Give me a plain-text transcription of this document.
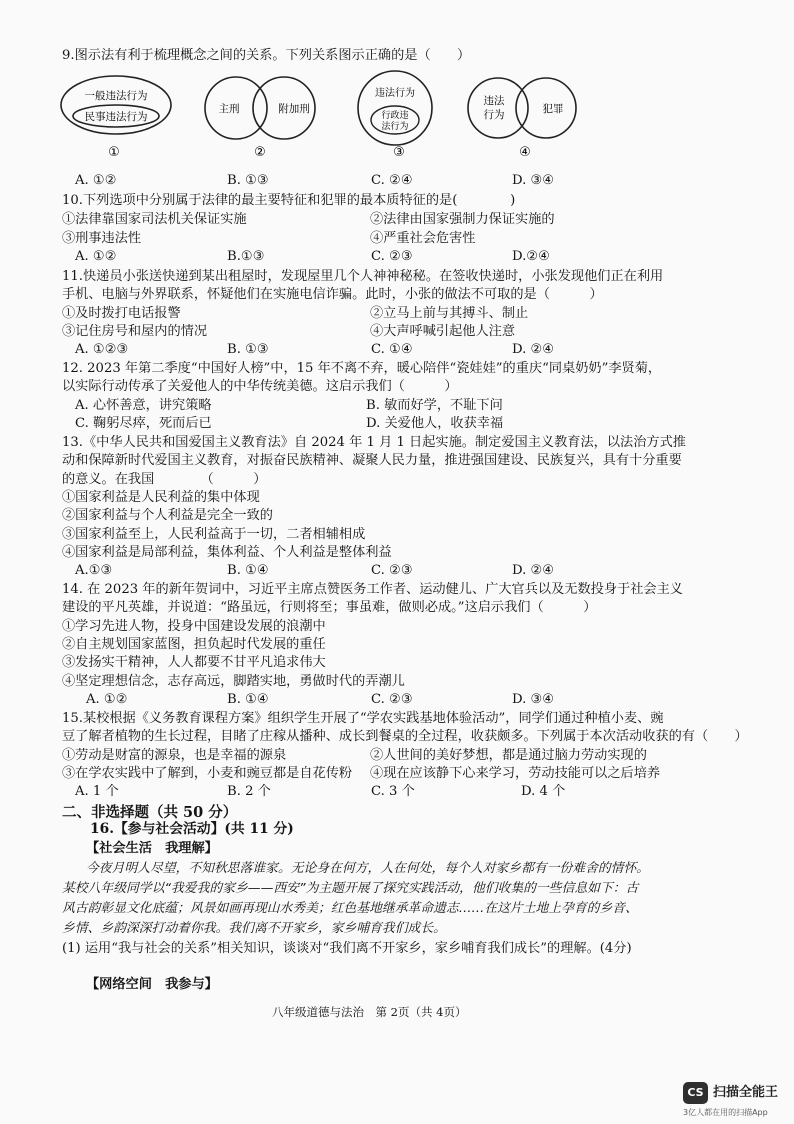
9.图示法有利于梳理概念之间的关系。下列关系图示正确的是（　　）
一般违法行为
民事违法行为
主刑	附加刑
违法行为
行政违
法行为
违法
行为	犯罪
①	②	③	④
A. ①②	B. ①③	C. ②④	D. ③④
10.下列选项中分别属于法律的最主要特征和犯罪的最本质特征的是(　　　　)
①法律靠国家司法机关保证实施	②法律由国家强制力保证实施的
③刑事违法性	④严重社会危害性
A. ①②	B.①③	C. ②③	D.②④
11.快递员小张送快递到某出租屋时，发现屋里几个人神神秘秘。在签收快递时，小张发现他们正在利用
手机、电脑与外界联系，怀疑他们在实施电信诈骗。此时，小张的做法不可取的是（　　　）
①及时拨打电话报警	②立马上前与其搏斗、制止
③记住房号和屋内的情况	④大声呼喊引起他人注意
A. ①②③	B. ①③	C. ①④	D. ②④
12. 2023 年第二季度“中国好人榜”中，15 年不离不弃，暖心陪伴“瓷娃娃”的重庆“同桌奶奶”李贤菊，
以实际行动传承了关爱他人的中华传统美德。这启示我们（　　　）
A. 心怀善意，讲究策略	B. 敏而好学，不耻下问
C. 鞠躬尽瘁，死而后已	D. 关爱他人，收获幸福
13.《中华人民共和国爱国主义教育法》自 2024 年 1 月 1 日起实施。制定爱国主义教育法，以法治方式推
动和保障新时代爱国主义教育，对振奋民族精神、凝聚人民力量，推进强国建设、民族复兴，具有十分重要
的意义。在我国　　　　（　　　）
①国家利益是人民利益的集中体现
②国家利益与个人利益是完全一致的
③国家利益至上，人民利益高于一切，二者相辅相成
④国家利益是局部利益，集体利益、个人利益是整体利益
A.①③	B. ①④	C. ②③	D. ②④
14. 在 2023 年的新年贺词中，习近平主席点赞医务工作者、运动健儿、广大官兵以及无数投身于社会主义
建设的平凡英雄，并说道：“路虽远，行则将至；事虽难，做则必成。”这启示我们（　　　）
①学习先进人物，投身中国建设发展的浪潮中
②自主规划国家蓝图，担负起时代发展的重任
③发扬实干精神，人人都要不甘平凡追求伟大
④坚定理想信念，志存高远，脚踏实地，勇做时代的弄潮儿
A. ①②	B. ①④	C. ②③	D. ③④
15.某校根据《义务教育课程方案》组织学生开展了“学农实践基地体验活动”，同学们通过种植小麦、豌
豆了解者植物的生长过程，目睹了庄稼从播种、成长到餐桌的全过程，收获颇多。下列属于本次活动收获的有（　　）
①劳动是财富的源泉，也是幸福的源泉	②人世间的美好梦想，都是通过脑力劳动实现的
③在学农实践中了解到，小麦和豌豆都是自花传粉 ④现在应该静下心来学习，劳动技能可以之后培养
A. 1 个	B. 2 个	C. 3 个	D. 4 个
二、非选择题（共 50 分）
16.【参与社会活动】(共 11 分)
【社会生活　我理解】
今夜月明人尽望，不知秋思落谁家。无论身在何方，人在何处，每个人对家乡都有一份难舍的情怀。
某校八年级同学以“我爱我的家乡——西安”为主题开展了探究实践活动，他们收集的一些信息如下：古
风古韵彰显文化底蕴；风景如画再现山水秀美；红色基地继承革命遗志……在这片土地上孕育的乡音、
乡情、乡韵深深打动着你我。我们离不开家乡，家乡哺育我们成长。
(1) 运用“我与社会的关系”相关知识，谈谈对“我们离不开家乡，家乡哺育我们成长”的理解。(4分)
【网络空间　我参与】
八年级道德与法治　第 2页（共 4页）
CS 扫描全能王
3亿人都在用的扫描App
